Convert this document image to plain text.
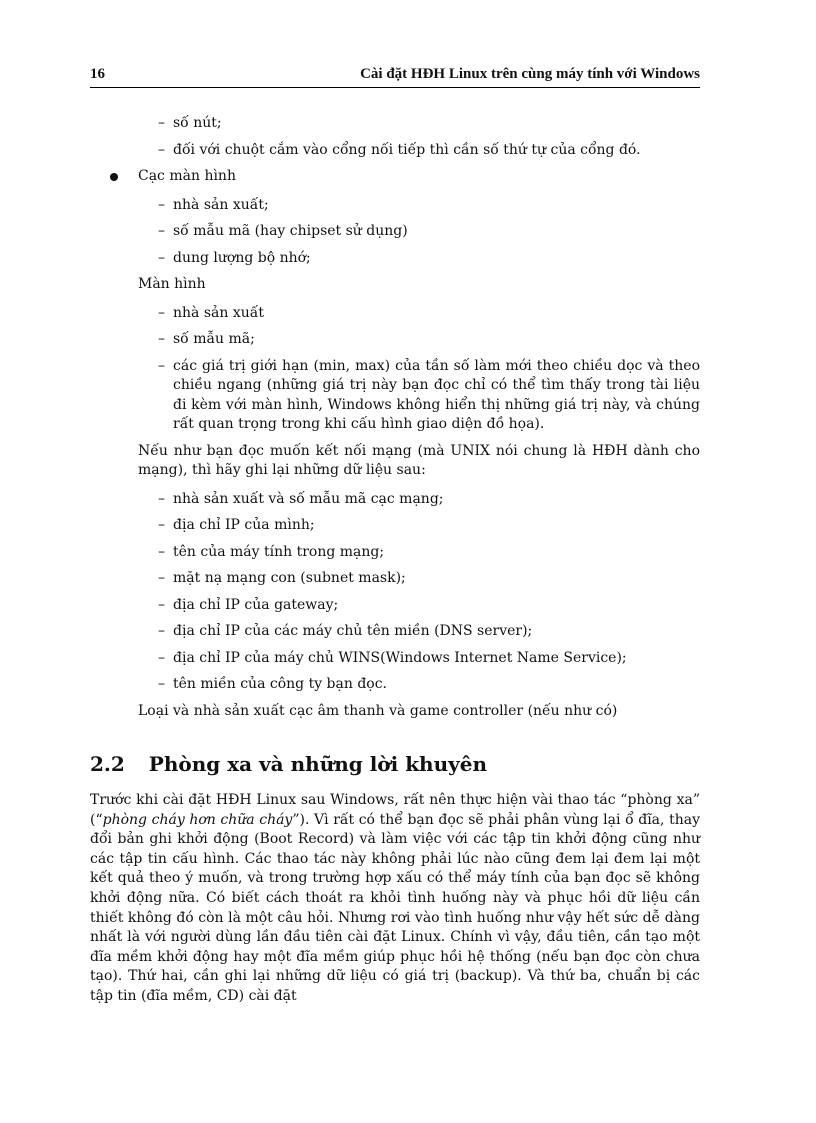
16	Cài đặt HĐH Linux trên cùng máy tính với Windows
– số nút;
– đối với chuột cắm vào cổng nối tiếp thì cần số thứ tự của cổng đó.

Cạc màn hình

– nhà sản xuất;
– số mẫu mã (hay chipset sử dụng)
– dung lượng bộ nhớ;

Màn hình

– nhà sản xuất
– số mẫu mã;
– các giá trị giới hạn (min, max) của tần số làm mới theo chiều dọc và theo chiều ngang (những giá trị này bạn đọc chỉ có thể tìm thấy trong tài liệu đi kèm với màn hình, Windows không hiển thị những giá trị này, và chúng rất quan trọng trong khi cấu hình giao diện đồ họa).

Nếu như bạn đọc muốn kết nối mạng (mà UNIX nói chung là HĐH dành cho mạng), thì hãy ghi lại những dữ liệu sau:

– nhà sản xuất và số mẫu mã cạc mạng;
– địa chỉ IP của mình;
– tên của máy tính trong mạng;
– mặt nạ mạng con (subnet mask);
– địa chỉ IP của gateway;
– địa chỉ IP của các máy chủ tên miền (DNS server);
– địa chỉ IP của máy chủ WINS(Windows Internet Name Service);
– tên miền của công ty bạn đọc.

Loại và nhà sản xuất cạc âm thanh và game controller (nếu như có)

2.2 Phòng xa và những lời khuyên

Trước khi cài đặt HĐH Linux sau Windows, rất nên thực hiện vài thao tác “phòng xa” (“phòng cháy hơn chữa cháy”). Vì rất có thể bạn đọc sẽ phải phân vùng lại ổ đĩa, thay đổi bản ghi khởi động (Boot Record) và làm việc với các tập tin khởi động cũng như các tập tin cấu hình. Các thao tác này không phải lúc nào cũng đem lại đem lại một kết quả theo ý muốn, và trong trường hợp xấu có thể máy tính của bạn đọc sẽ không khởi động nữa. Có biết cách thoát ra khỏi tình huống này và phục hồi dữ liệu cần thiết không đó còn là một câu hỏi. Nhưng rơi vào tình huống như vậy hết sức dễ dàng nhất là với người dùng lần đầu tiên cài đặt Linux. Chính vì vậy, đầu tiên, cần tạo một đĩa mềm khởi động hay một đĩa mềm giúp phục hồi hệ thống (nếu bạn đọc còn chưa tạo). Thứ hai, cần ghi lại những dữ liệu có giá trị (backup). Và thứ ba, chuẩn bị các tập tin (đĩa mềm, CD) cài đặt
